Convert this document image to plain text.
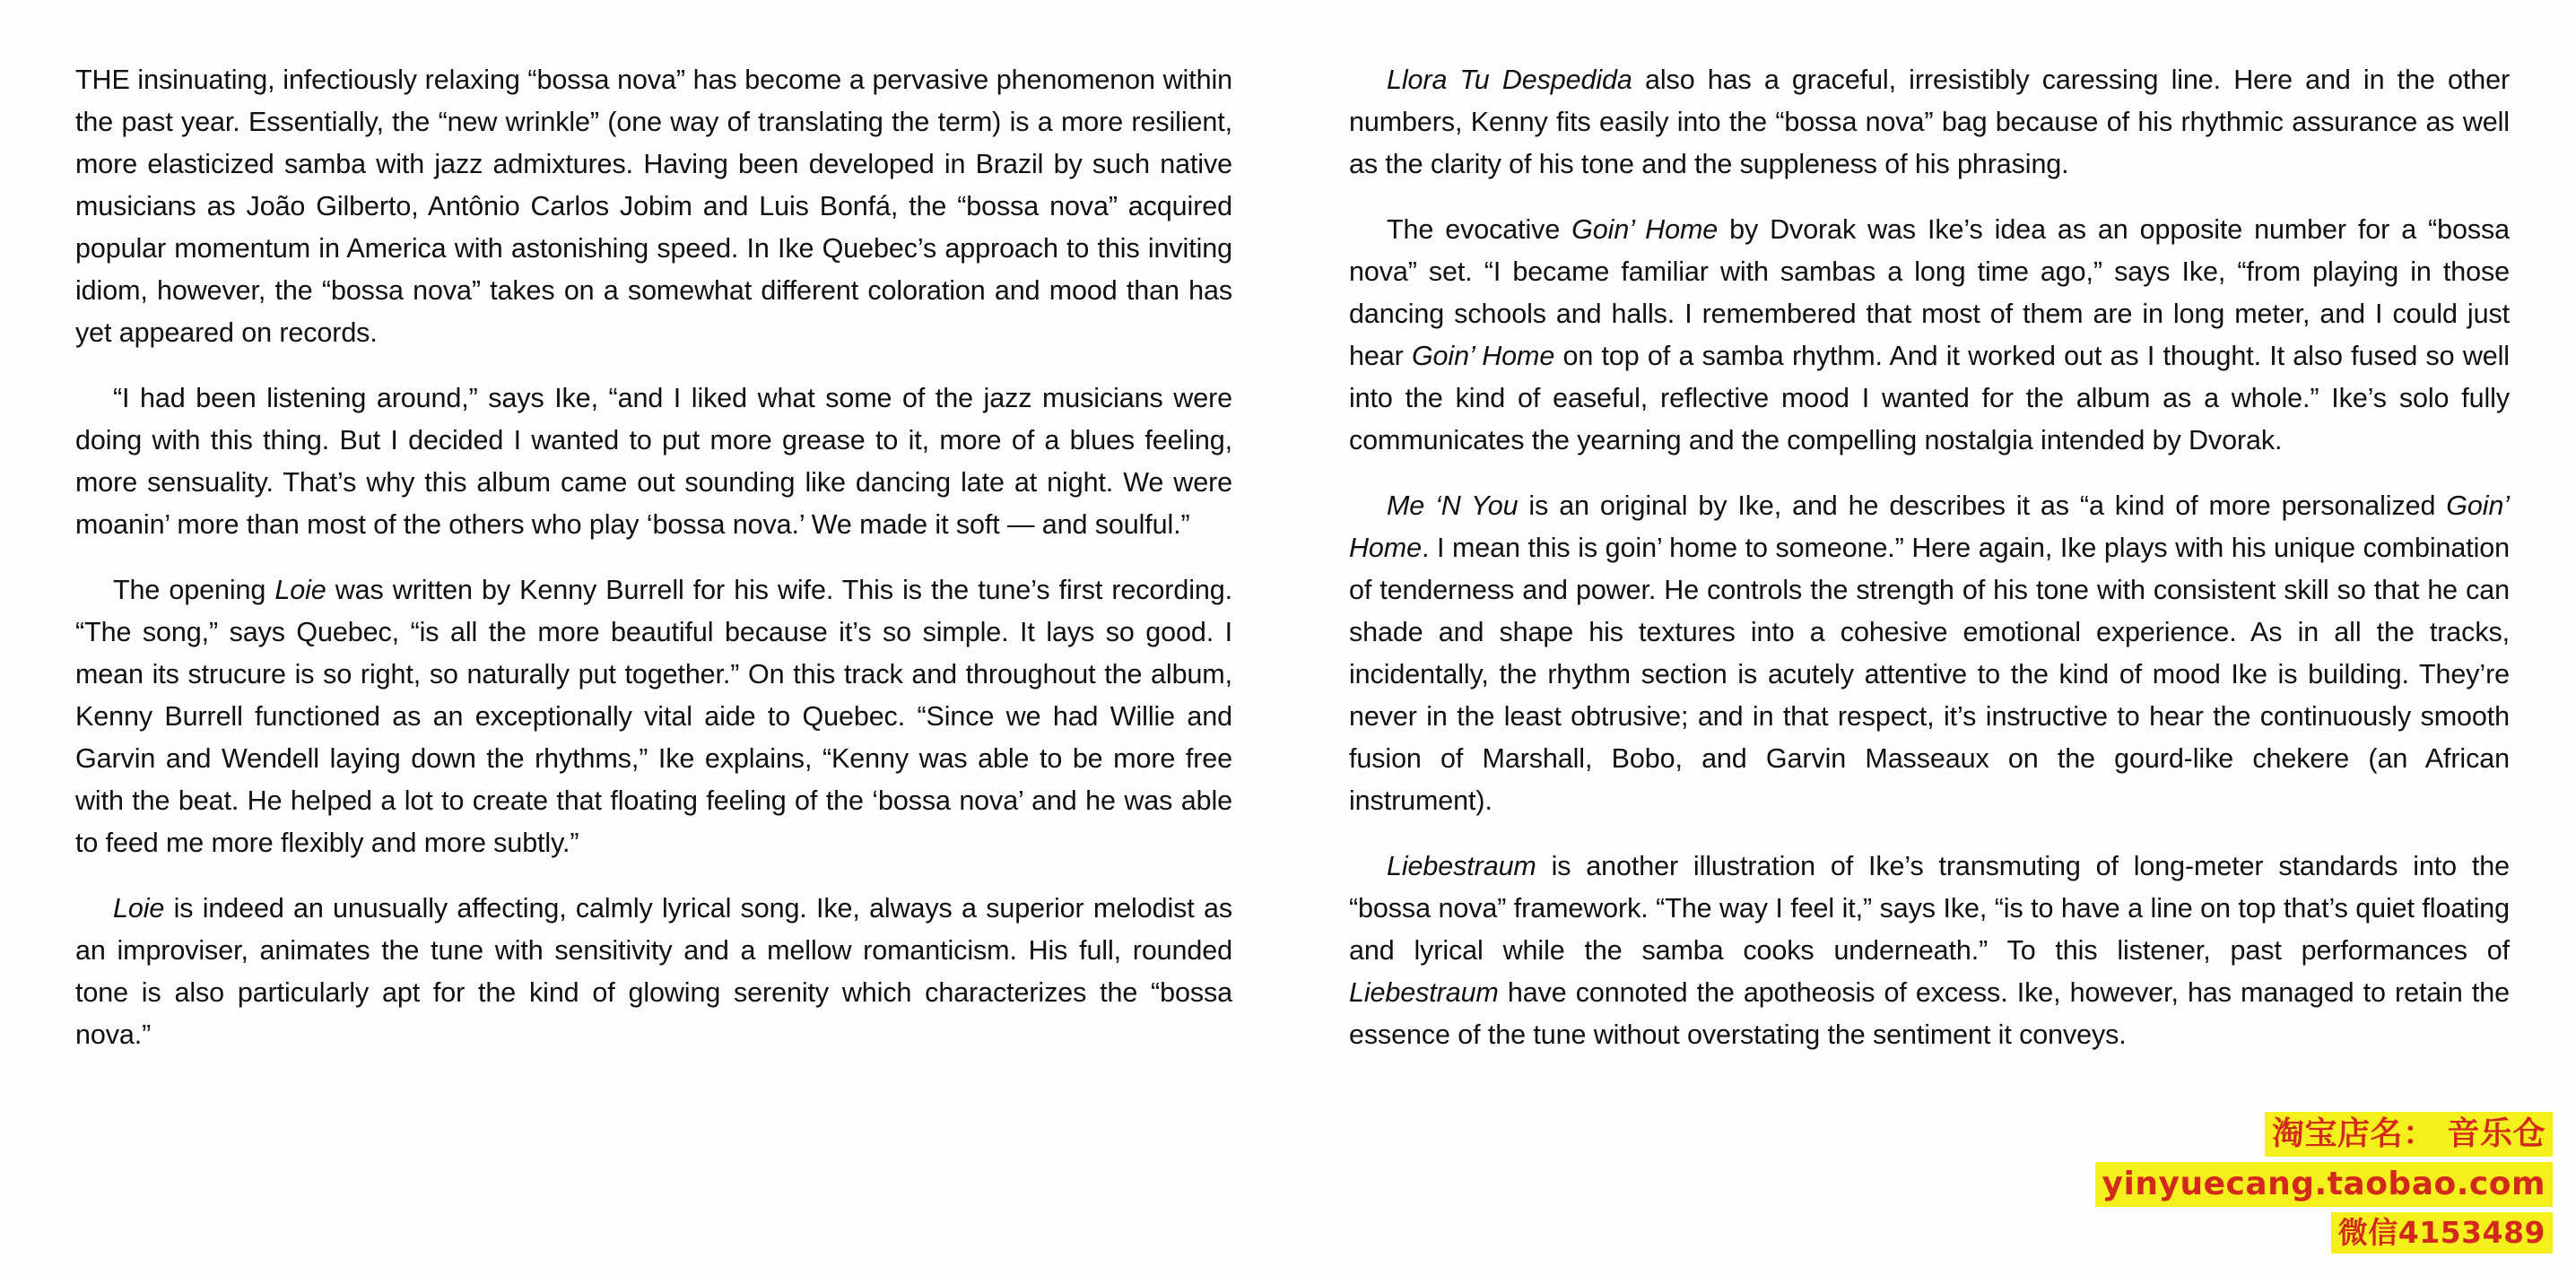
THE insinuating, infectiously relaxing “bossa nova” has become a pervasive phenomenon within the past year. Essentially, the “new wrinkle” (one way of translating the term) is a more resilient, more elasticized samba with jazz admixtures. Having been developed in Brazil by such native musicians as João Gilberto, Antônio Carlos Jobim and Luis Bonfá, the “bossa nova” acquired popular momentum in America with astonishing speed. In Ike Quebec’s approach to this inviting idiom, however, the “bossa nova” takes on a somewhat different coloration and mood than has yet appeared on records.

“I had been listening around,” says Ike, “and I liked what some of the jazz musicians were doing with this thing. But I decided I wanted to put more grease to it, more of a blues feeling, more sensuality. That’s why this album came out sounding like dancing late at night. We were moanin’ more than most of the others who play ‘bossa nova.’ We made it soft — and soulful.”

The opening Loie was written by Kenny Burrell for his wife. This is the tune’s first recording. “The song,” says Quebec, “is all the more beautiful because it’s so simple. It lays so good. I mean its strucure is so right, so naturally put together.” On this track and throughout the album, Kenny Burrell functioned as an exceptionally vital aide to Quebec. “Since we had Willie and Garvin and Wendell laying down the rhythms,” Ike explains, “Kenny was able to be more free with the beat. He helped a lot to create that floating feeling of the ‘bossa nova’ and he was able to feed me more flexibly and more subtly.”

Loie is indeed an unusually affecting, calmly lyrical song. Ike, always a superior melodist as an improviser, animates the tune with sensitivity and a mellow romanticism. His full, rounded tone is also particularly apt for the kind of glowing serenity which characterizes the “bossa nova.”

Llora Tu Despedida also has a graceful, irresistibly caressing line. Here and in the other numbers, Kenny fits easily into the “bossa nova” bag because of his rhythmic assurance as well as the clarity of his tone and the suppleness of his phrasing.

The evocative Goin’ Home by Dvorak was Ike’s idea as an opposite number for a “bossa nova” set. “I became familiar with sambas a long time ago,” says Ike, “from playing in those dancing schools and halls. I remembered that most of them are in long meter, and I could just hear Goin’ Home on top of a samba rhythm. And it worked out as I thought. It also fused so well into the kind of easeful, reflective mood I wanted for the album as a whole.” Ike’s solo fully communicates the yearning and the compelling nostalgia intended by Dvorak.

Me ‘N You is an original by Ike, and he describes it as “a kind of more personalized Goin’ Home. I mean this is goin’ home to someone.” Here again, Ike plays with his unique combination of tenderness and power. He controls the strength of his tone with consistent skill so that he can shade and shape his textures into a cohesive emotional experience. As in all the tracks, incidentally, the rhythm section is acutely attentive to the kind of mood Ike is building. They’re never in the least obtrusive; and in that respect, it’s instructive to hear the continuously smooth fusion of Marshall, Bobo, and Garvin Masseaux on the gourd-like chekere (an African instrument).

Liebestraum is another illustration of Ike’s transmuting of long-meter standards into the “bossa nova” framework. “The way I feel it,” says Ike, “is to have a line on top that’s quiet floating and lyrical while the samba cooks underneath.” To this listener, past performances of Liebestraum have connoted the apotheosis of excess. Ike, however, has managed to retain the essence of the tune without overstating the sentiment it conveys.

淘宝店名： 音乐仓
yinyuecang.taobao.com
微信4153489
